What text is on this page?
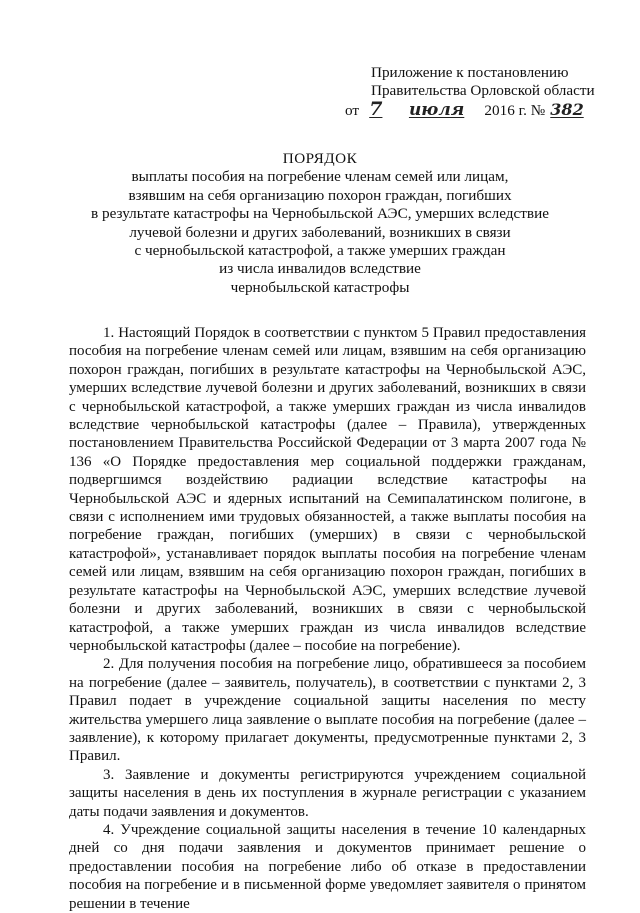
Приложение к постановлению
Правительства Орловской области
от 7 июля 2016 г. № 382
ПОРЯДОК
выплаты пособия на погребение членам семей или лицам,
взявшим на себя организацию похорон граждан, погибших
в результате катастрофы на Чернобыльской АЭС, умерших вследствие
лучевой болезни и других заболеваний, возникших в связи
с чернобыльской катастрофой, а также умерших граждан
из числа инвалидов вследствие
чернобыльской катастрофы

1. Настоящий Порядок в соответствии с пунктом 5 Правил предоставления пособия на погребение членам семей или лицам, взявшим на себя организацию похорон граждан, погибших в результате катастрофы на Чернобыльской АЭС, умерших вследствие лучевой болезни и других заболеваний, возникших в связи с чернобыльской катастрофой, а также умерших граждан из числа инвалидов вследствие чернобыльской катастрофы (далее – Правила), утвержденных постановлением Правительства Российской Федерации от 3 марта 2007 года № 136 «О Порядке предоставления мер социальной поддержки гражданам, подвергшимся воздействию радиации вследствие катастрофы на Чернобыльской АЭС и ядерных испытаний на Семипалатинском полигоне, в связи с исполнением ими трудовых обязанностей, а также выплаты пособия на погребение граждан, погибших (умерших) в связи с чернобыльской катастрофой», устанавливает порядок выплаты пособия на погребение членам семей или лицам, взявшим на себя организацию похорон граждан, погибших в результате катастрофы на Чернобыльской АЭС, умерших вследствие лучевой болезни и других заболеваний, возникших в связи с чернобыльской катастрофой, а также умерших граждан из числа инвалидов вследствие чернобыльской катастрофы (далее – пособие на погребение).

2. Для получения пособия на погребение лицо, обратившееся за пособием на погребение (далее – заявитель, получатель), в соответствии с пунктами 2, 3 Правил подает в учреждение социальной защиты населения по месту жительства умершего лица заявление о выплате пособия на погребение (далее – заявление), к которому прилагает документы, предусмотренные пунктами 2, 3 Правил.

3. Заявление и документы регистрируются учреждением социальной защиты населения в день их поступления в журнале регистрации с указанием даты подачи заявления и документов.

4. Учреждение социальной защиты населения в течение 10 календарных дней со дня подачи заявления и документов принимает решение о предоставлении пособия на погребение либо об отказе в предоставлении пособия на погребение и в письменной форме уведомляет заявителя о принятом решении в течение
